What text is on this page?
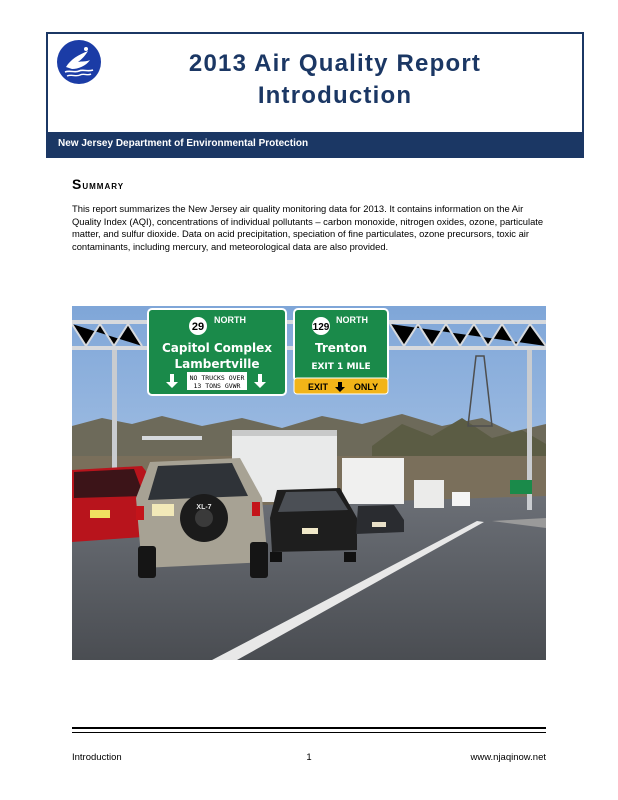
2013 Air Quality Report
Introduction
New Jersey Department of Environmental Protection
Summary

This report summarizes the New Jersey air quality monitoring data for 2013. It contains information on the Air Quality Index (AQI), concentrations of individual pollutants – carbon monoxide, nitrogen oxides, ozone, particulate matter, and sulfur dioxide. Data on acid precipitation, speciation of fine particulates, ozone precursors, toxic air contaminants, including mercury, and meteorological data are also provided.

29
NORTH
Capitol Complex
Lambertville
NO TRUCKS OVER
13 TONS GVWR
129
NORTH
Trenton
EXIT 1 MILE
EXIT	ONLY
XL-7
Introduction	1	www.njaqinow.net
